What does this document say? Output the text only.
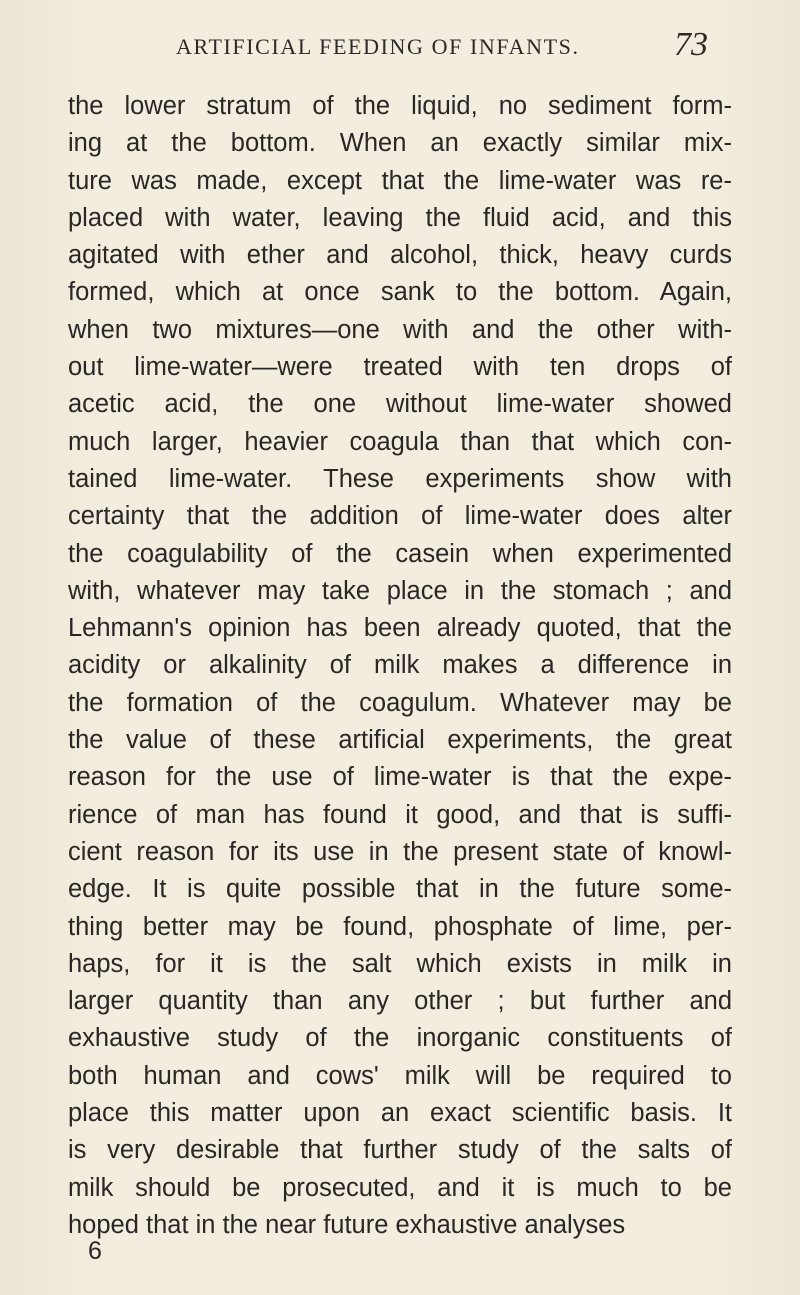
ARTIFICIAL FEEDING OF INFANTS.	73
the lower stratum of the liquid, no sediment form-
ing at the bottom. When an exactly similar mix-
ture was made, except that the lime-water was re-
placed with water, leaving the fluid acid, and this
agitated with ether and alcohol, thick, heavy curds
formed, which at once sank to the bottom. Again,
when two mixtures—one with and the other with-
out lime-water—were treated with ten drops of
acetic acid, the one without lime-water showed
much larger, heavier coagula than that which con-
tained lime-water. These experiments show with
certainty that the addition of lime-water does alter
the coagulability of the casein when experimented
with, whatever may take place in the stomach ; and
Lehmann's opinion has been already quoted, that the
acidity or alkalinity of milk makes a difference in
the formation of the coagulum. Whatever may be
the value of these artificial experiments, the great
reason for the use of lime-water is that the expe-
rience of man has found it good, and that is suffi-
cient reason for its use in the present state of knowl-
edge. It is quite possible that in the future some-
thing better may be found, phosphate of lime, per-
haps, for it is the salt which exists in milk in
larger quantity than any other ; but further and
exhaustive study of the inorganic constituents of
both human and cows' milk will be required to
place this matter upon an exact scientific basis. It
is very desirable that further study of the salts of
milk should be prosecuted, and it is much to be
hoped that in the near future exhaustive analyses
6
